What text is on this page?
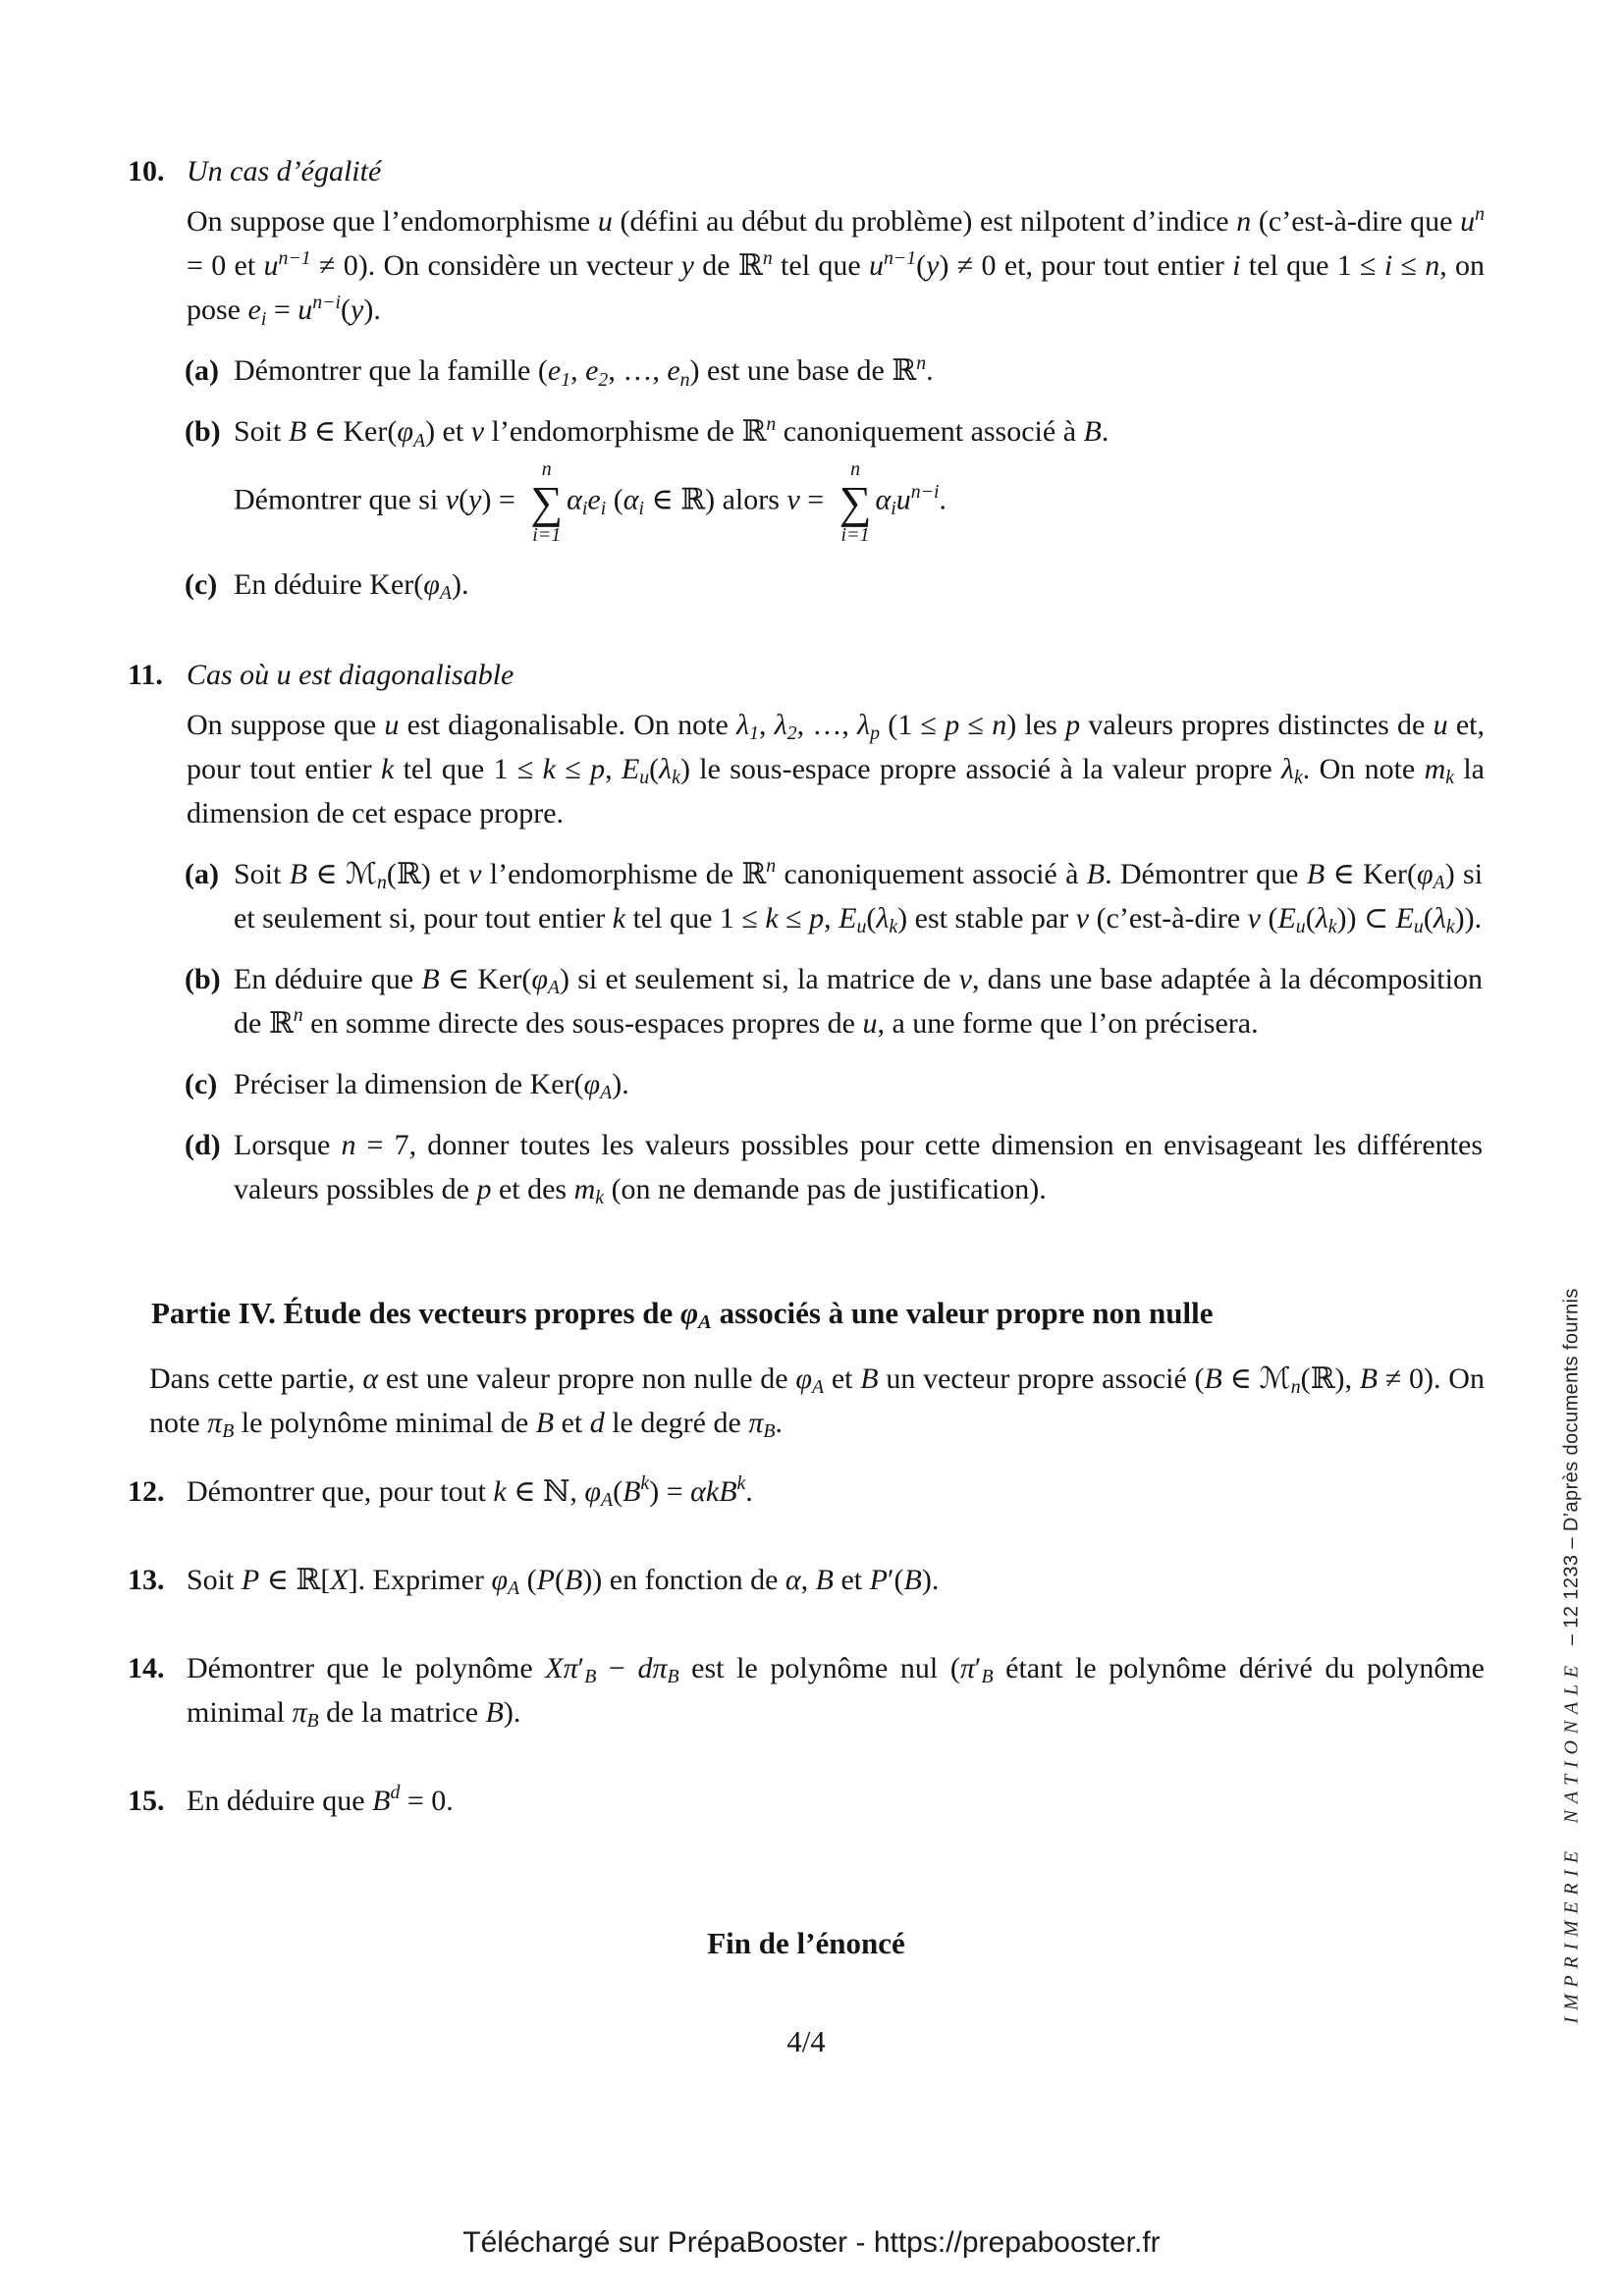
10. Un cas d’égalité

On suppose que l’endomorphisme u (défini au début du problème) est nilpotent d’indice n (c’est-à-dire que $u^n = 0$ et $u^{n-1} \ne 0$). On considère un vecteur y de ℝ$^n$ tel que $u^{n-1}(y) \ne 0$ et, pour tout entier i tel que 1 ≤ i ≤ n, on pose $e_i = u^{n-i}(y)$.

(a) Démontrer que la famille ($e_1$, $e_2$, …, $e_n$) est une base de ℝ$^n$.
(b) Soit B ∈ $Ker(\varphi_A)$ et v l’endomorphisme de ℝ$^n$ canoniquement associé à B.
Démontrer que si v(y) =
n
∑
i=1
$\alpha_ie_i$ ($\alpha_i$ ∈ ℝ) alors v =
n
∑
i=1
$\alpha_iu^{n-i}$.
(c) En déduire $Ker(\varphi_A)$.
11. Cas où u est diagonalisable

On suppose que u est diagonalisable. On note $\lambda_1$, $\lambda_2$, …, $\lambda_p$ (1 ≤ p ≤ n) les p valeurs propres distinctes de u et, pour tout entier k tel que 1 ≤ k ≤ p, $E_u(\lambda_k)$ le sous-espace propre associé à la valeur propre $\lambda_k$. On note $m_k$ la dimension de cet espace propre.

(a) Soit B ∈ ℳ$_n$(ℝ) et v l’endomorphisme de ℝ$^n$ canoniquement associé à B. Démontrer que B ∈ $Ker(\varphi_A)$ si et seulement si, pour tout entier k tel que 1 ≤ k ≤ p, $E_u(\lambda_k)$ est stable par v (c’est-à-dire v $(E_u(\lambda_k))$ ⊂ $E_u(\lambda_k)$).
(b) En déduire que B ∈ $Ker(\varphi_A)$ si et seulement si, la matrice de v, dans une base adaptée à la décomposition de ℝ$^n$ en somme directe des sous-espaces propres de u, a une forme que l’on précisera.
(c) Préciser la dimension de $Ker(\varphi_A)$.
(d) Lorsque n = 7, donner toutes les valeurs possibles pour cette dimension en envisageant les différentes valeurs possibles de p et des $m_k$ (on ne demande pas de justification).
Partie IV. Étude des vecteurs propres de $\varphi_A$ associés à une valeur propre non nulle

Dans cette partie, α est une valeur propre non nulle de $\varphi_A$ et B un vecteur propre associé (B ∈ ℳ$_n$(ℝ), B ≠ 0). On note $\pi_B$ le polynôme minimal de B et d le degré de $\pi_B$.

12. Démontrer que, pour tout k ∈ ℕ, $\varphi_A(B^k) = \alpha kB^k$.
13. Soit P ∈ ℝ[X]. Exprimer $\varphi_A$ (P(B)) en fonction de α, B et P′(B).
14. Démontrer que le polynôme $X\pi'_B - d\pi_B$ est le polynôme nul ($\pi'_B$ étant le polynôme dérivé du polynôme minimal $\pi_B$ de la matrice B).
15. En déduire que $B^d = 0$.
Fin de l’énoncé
4/4
Téléchargé sur PrépaBooster - https://prepabooster.fr
IMPRIMERIE NATIONALE
– 12 1233 – D’après documents fournis
